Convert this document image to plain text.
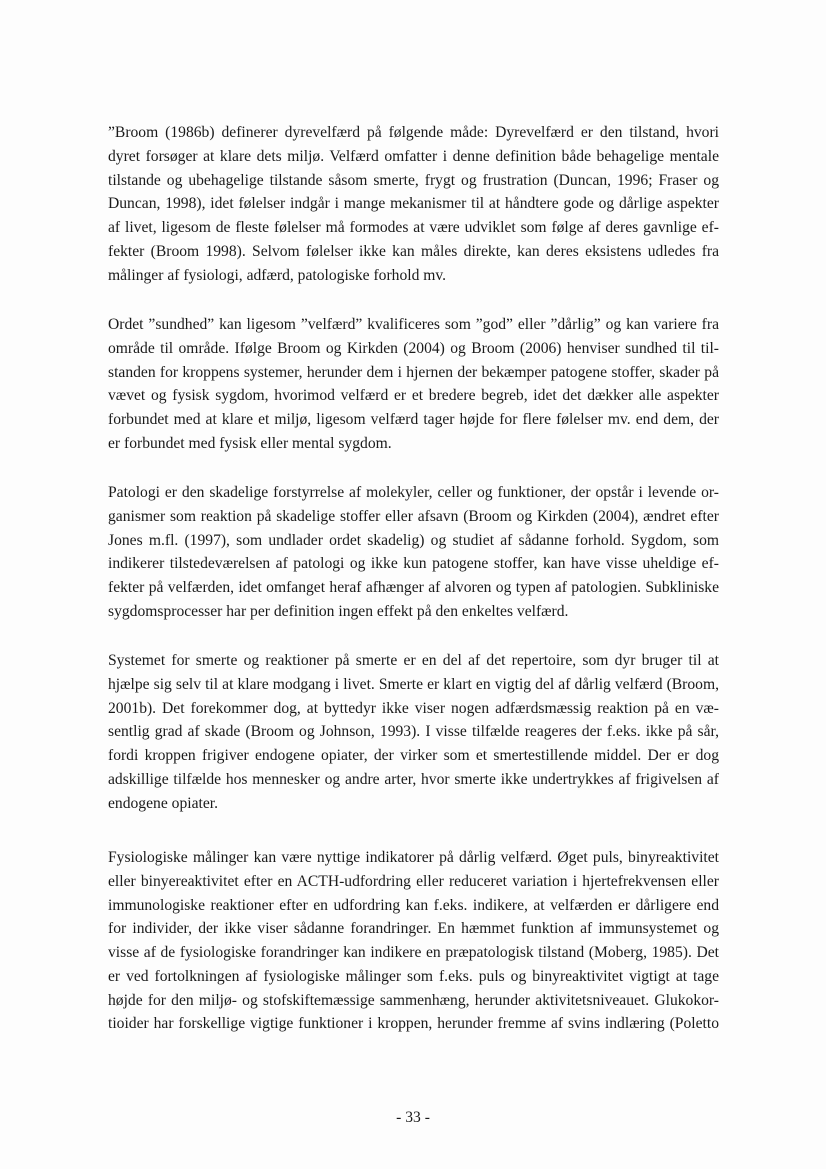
”Broom (1986b) definerer dyrevelfærd på følgende måde: Dyrevelfærd er den tilstand, hvori
dyret forsøger at klare dets miljø. Velfærd omfatter i denne definition både behagelige mentale
tilstande og ubehagelige tilstande såsom smerte, frygt og frustration (Duncan, 1996; Fraser og
Duncan, 1998), idet følelser indgår i mange mekanismer til at håndtere gode og dårlige aspekter
af livet, ligesom de fleste følelser må formodes at være udviklet som følge af deres gavnlige ef-
fekter (Broom 1998). Selvom følelser ikke kan måles direkte, kan deres eksistens udledes fra
målinger af fysiologi, adfærd, patologiske forhold mv.
Ordet ”sundhed” kan ligesom ”velfærd” kvalificeres som ”god” eller ”dårlig” og kan variere fra
område til område. Ifølge Broom og Kirkden (2004) og Broom (2006) henviser sundhed til til-
standen for kroppens systemer, herunder dem i hjernen der bekæmper patogene stoffer, skader på
vævet og fysisk sygdom, hvorimod velfærd er et bredere begreb, idet det dækker alle aspekter
forbundet med at klare et miljø, ligesom velfærd tager højde for flere følelser mv. end dem, der
er forbundet med fysisk eller mental sygdom.
Patologi er den skadelige forstyrrelse af molekyler, celler og funktioner, der opstår i levende or-
ganismer som reaktion på skadelige stoffer eller afsavn (Broom og Kirkden (2004), ændret efter
Jones m.fl. (1997), som undlader ordet skadelig) og studiet af sådanne forhold. Sygdom, som
indikerer tilstedeværelsen af patologi og ikke kun patogene stoffer, kan have visse uheldige ef-
fekter på velfærden, idet omfanget heraf afhænger af alvoren og typen af patologien. Subkliniske
sygdomsprocesser har per definition ingen effekt på den enkeltes velfærd.
Systemet for smerte og reaktioner på smerte er en del af det repertoire, som dyr bruger til at
hjælpe sig selv til at klare modgang i livet. Smerte er klart en vigtig del af dårlig velfærd (Broom,
2001b). Det forekommer dog, at byttedyr ikke viser nogen adfærdsmæssig reaktion på en væ-
sentlig grad af skade (Broom og Johnson, 1993). I visse tilfælde reageres der f.eks. ikke på sår,
fordi kroppen frigiver endogene opiater, der virker som et smertestillende middel. Der er dog
adskillige tilfælde hos mennesker og andre arter, hvor smerte ikke undertrykkes af frigivelsen af
endogene opiater.
Fysiologiske målinger kan være nyttige indikatorer på dårlig velfærd. Øget puls, binyreaktivitet
eller binyereaktivitet efter en ACTH-udfordring eller reduceret variation i hjertefrekvensen eller
immunologiske reaktioner efter en udfordring kan f.eks. indikere, at velfærden er dårligere end
for individer, der ikke viser sådanne forandringer. En hæmmet funktion af immunsystemet og
visse af de fysiologiske forandringer kan indikere en præpatologisk tilstand (Moberg, 1985). Det
er ved fortolkningen af fysiologiske målinger som f.eks. puls og binyreaktivitet vigtigt at tage
højde for den miljø- og stofskiftemæssige sammenhæng, herunder aktivitetsniveauet. Glukokor-
tioider har forskellige vigtige funktioner i kroppen, herunder fremme af svins indlæring (Poletto
- 33 -
